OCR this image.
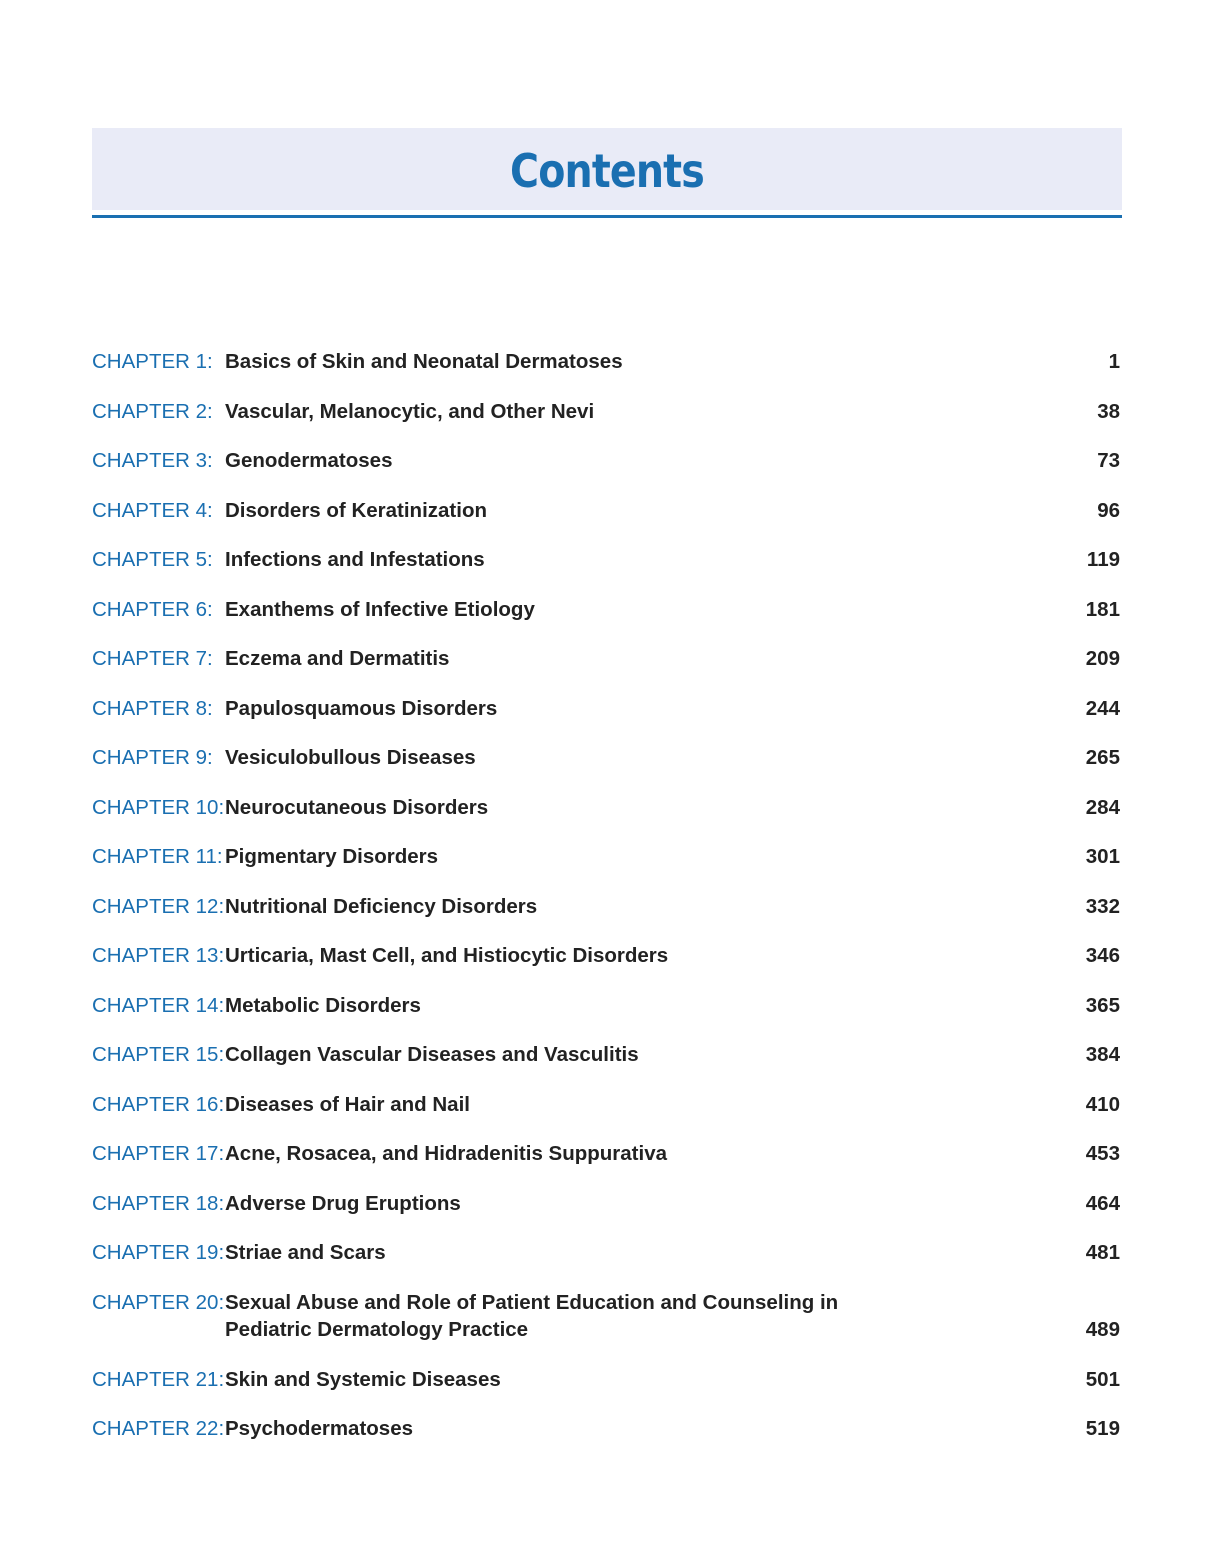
Contents
CHAPTER 1: Basics of Skin and Neonatal Dermatoses	1
CHAPTER 2: Vascular, Melanocytic, and Other Nevi	38
CHAPTER 3: Genodermatoses	73
CHAPTER 4: Disorders of Keratinization	96
CHAPTER 5: Infections and Infestations	119
CHAPTER 6: Exanthems of Infective Etiology	181
CHAPTER 7: Eczema and Dermatitis	209
CHAPTER 8: Papulosquamous Disorders	244
CHAPTER 9: Vesiculobullous Diseases	265
CHAPTER 10: Neurocutaneous Disorders	284
CHAPTER 11: Pigmentary Disorders	301
CHAPTER 12: Nutritional Deficiency Disorders	332
CHAPTER 13: Urticaria, Mast Cell, and Histiocytic Disorders	346
CHAPTER 14: Metabolic Disorders	365
CHAPTER 15: Collagen Vascular Diseases and Vasculitis	384
CHAPTER 16: Diseases of Hair and Nail	410
CHAPTER 17: Acne, Rosacea, and Hidradenitis Suppurativa	453
CHAPTER 18: Adverse Drug Eruptions	464
CHAPTER 19: Striae and Scars	481
CHAPTER 20: Sexual Abuse and Role of Patient Education and Counseling in Pediatric Dermatology Practice	489
CHAPTER 21: Skin and Systemic Diseases	501
CHAPTER 22: Psychodermatoses	519
